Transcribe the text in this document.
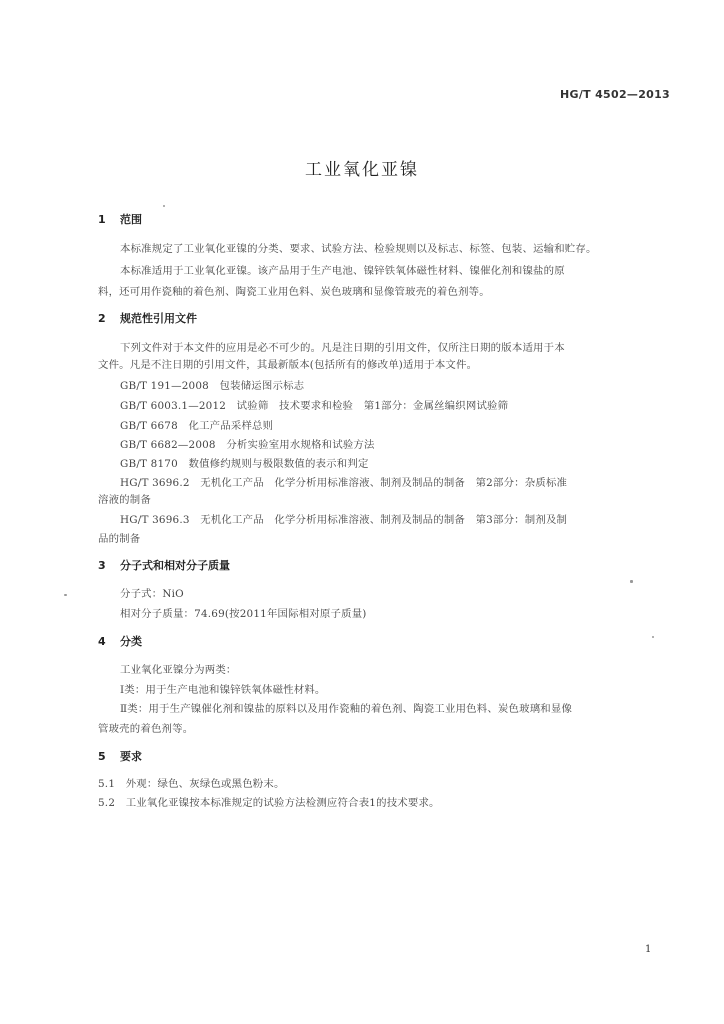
HG/T 4502—2013
工业氧化亚镍
1 范围
本标准规定了工业氧化亚镍的分类、要求、试验方法、检验规则以及标志、标签、包装、运输和贮存。
本标准适用于工业氧化亚镍。该产品用于生产电池、镍锌铁氧体磁性材料、镍催化剂和镍盐的原
料，还可用作瓷釉的着色剂、陶瓷工业用色料、炭色玻璃和显像管玻壳的着色剂等。
2 规范性引用文件
下列文件对于本文件的应用是必不可少的。凡是注日期的引用文件，仅所注日期的版本适用于本
文件。凡是不注日期的引用文件，其最新版本(包括所有的修改单)适用于本文件。
GB/T 191—2008　包装储运图示标志
GB/T 6003.1—2012　试验筛　技术要求和检验　第1部分：金属丝编织网试验筛
GB/T 6678　化工产品采样总则
GB/T 6682—2008　分析实验室用水规格和试验方法
GB/T 8170　数值修约规则与极限数值的表示和判定
HG/T 3696.2　无机化工产品　化学分析用标准溶液、制剂及制品的制备　第2部分：杂质标准
溶液的制备
HG/T 3696.3　无机化工产品　化学分析用标准溶液、制剂及制品的制备　第3部分：制剂及制
品的制备
3 分子式和相对分子质量
分子式：NiO
相对分子质量：74.69(按2011年国际相对原子质量)
4 分类
工业氧化亚镍分为两类：
Ⅰ类：用于生产电池和镍锌铁氧体磁性材料。
Ⅱ类：用于生产镍催化剂和镍盐的原料以及用作瓷釉的着色剂、陶瓷工业用色料、炭色玻璃和显像
管玻壳的着色剂等。
5 要求
5.1　外观：绿色、灰绿色或黑色粉末。
5.2　工业氧化亚镍按本标准规定的试验方法检测应符合表1的技术要求。
1
